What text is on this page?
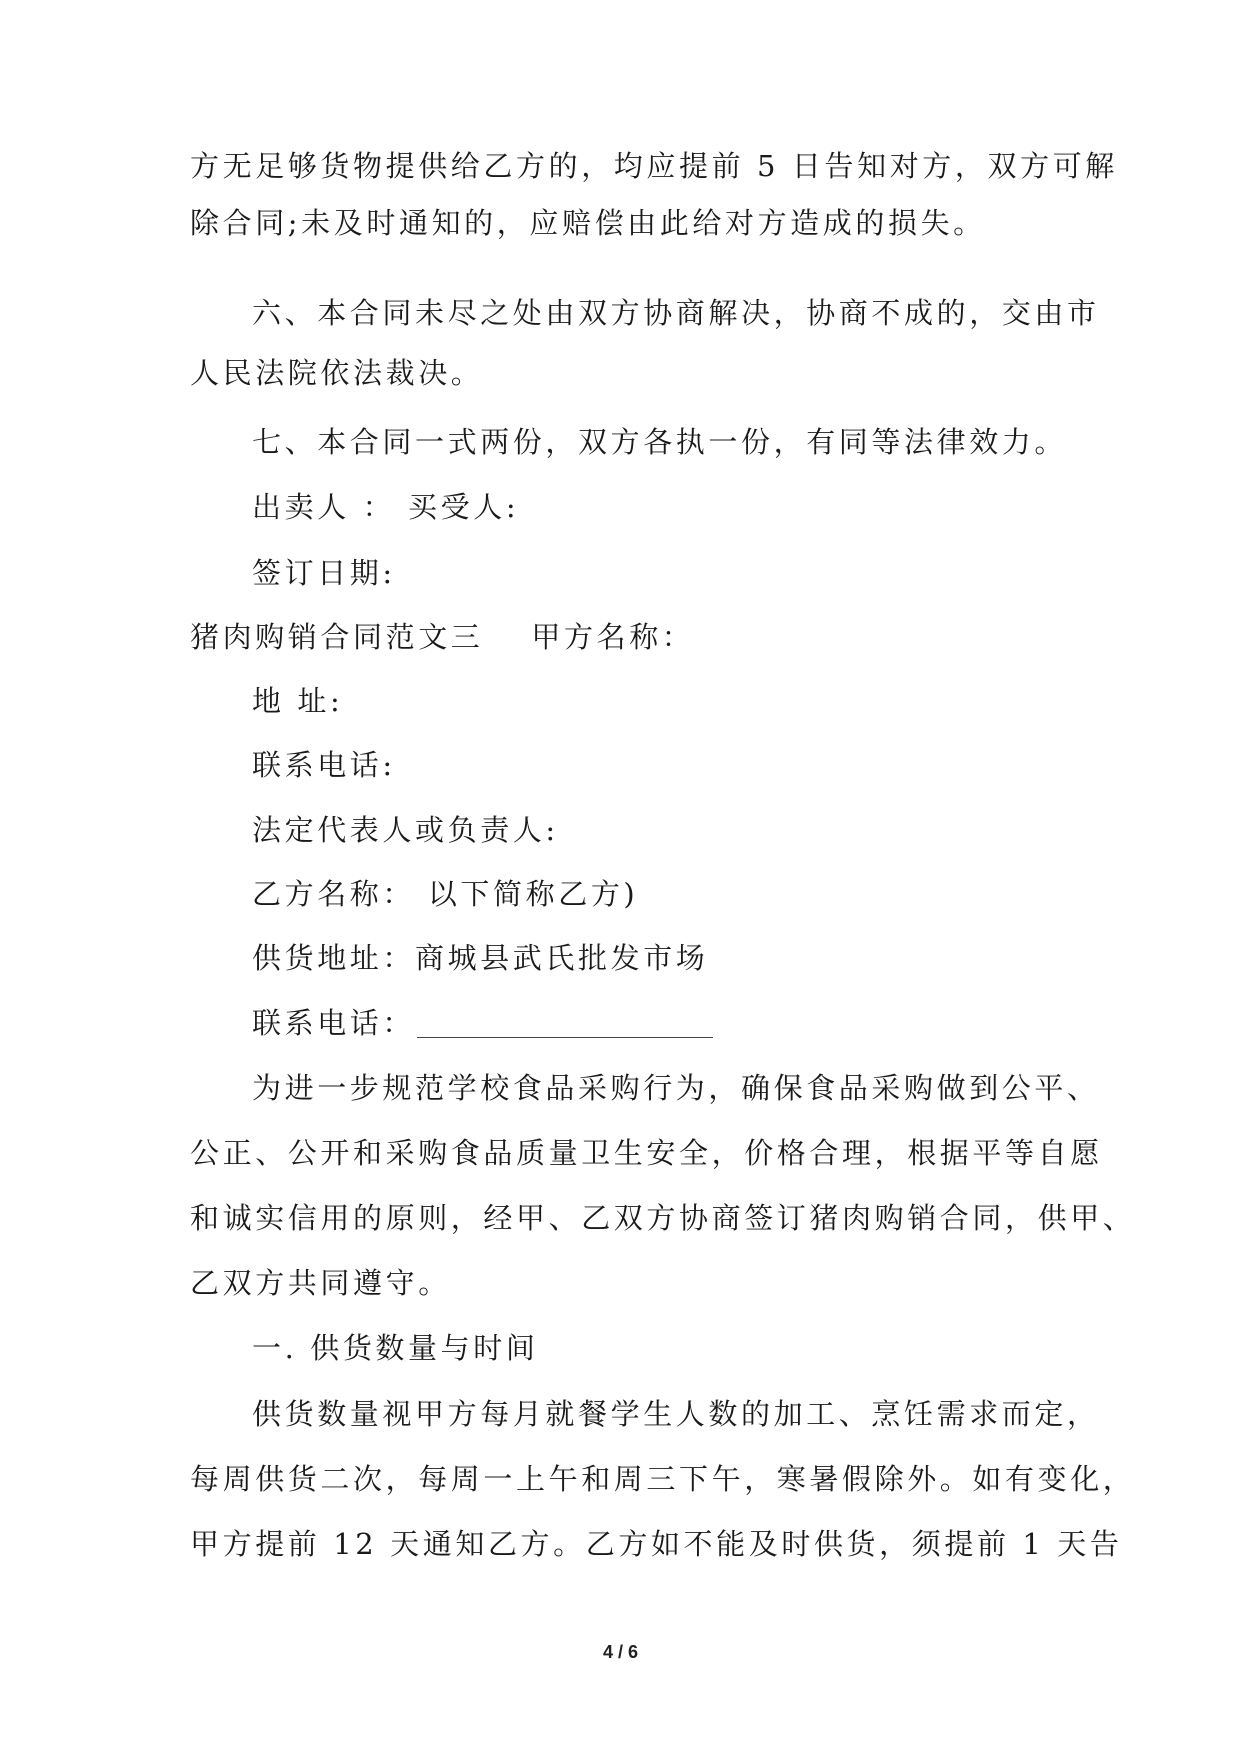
方无足够货物提供给乙方的，均应提前 5 日告知对方，双方可解
除合同;未及时通知的，应赔偿由此给对方造成的损失。
六、本合同未尽之处由双方协商解决，协商不成的，交由市
人民法院依法裁决。
七、本合同一式两份，双方各执一份，有同等法律效力。
出卖人 ： 买受人:
签订日期:
猪肉购销合同范文三 甲方名称：
地 址:
联系电话:
法定代表人或负责人:
乙方名称： 以下简称乙方)
供货地址：商城县武氏批发市场
联系电话：
为进一步规范学校食品采购行为，确保食品采购做到公平、
公正、公开和采购食品质量卫生安全，价格合理，根据平等自愿
和诚实信用的原则，经甲、乙双方协商签订猪肉购销合同，供甲、
乙双方共同遵守。
一. 供货数量与时间
供货数量视甲方每月就餐学生人数的加工、烹饪需求而定，
每周供货二次，每周一上午和周三下午，寒暑假除外。如有变化，
甲方提前 12 天通知乙方。乙方如不能及时供货，须提前 1 天告
4 / 6
